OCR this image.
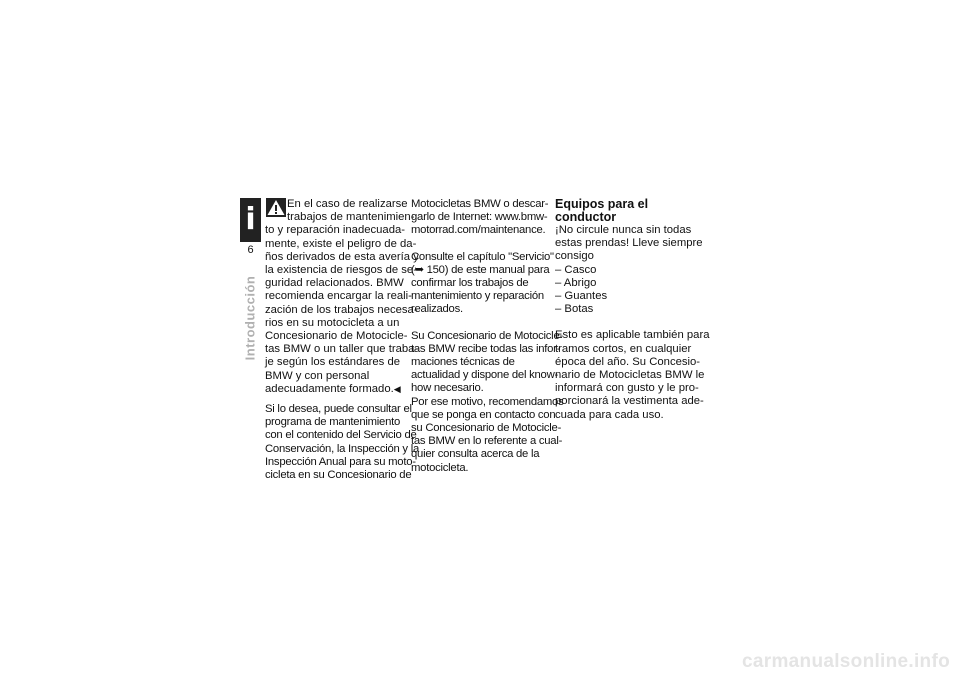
i
6
Introducción
En el caso de realizarse
trabajos de mantenimien-
to y reparación inadecuada-
mente, existe el peligro de da-
ños derivados de esta avería y
la existencia de riesgos de se-
guridad relacionados. BMW
recomienda encargar la reali-
zación de los trabajos necesa-
rios en su motocicleta a un
Concesionario de Motocicle-
tas BMW o un taller que traba-
je según los estándares de
BMW y con personal
adecuadamente formado.◀
Si lo desea, puede consultar el
programa de mantenimiento
con el contenido del Servicio de
Conservación, la Inspección y la
Inspección Anual para su moto-
cicleta en su Concesionario de
Motocicletas BMW o descar-
garlo de Internet: www.bmw-
motorrad.com/maintenance.
Consulte el capítulo "Servicio"
(➥ 150) de este manual para
confirmar los trabajos de
mantenimiento y reparación
realizados.
Su Concesionario de Motocicle-
tas BMW recibe todas las infor-
maciones técnicas de
actualidad y dispone del know-
how necesario.
Por ese motivo, recomendamos
que se ponga en contacto con
su Concesionario de Motocicle-
tas BMW en lo referente a cual-
quier consulta acerca de la
motocicleta.
Equipos para el
conductor
¡No circule nunca sin todas
estas prendas! Lleve siempre
consigo
– Casco
– Abrigo
– Guantes
– Botas
Esto es aplicable también para
tramos cortos, en cualquier
época del año. Su Concesio-
nario de Motocicletas BMW le
informará con gusto y le pro-
porcionará la vestimenta ade-
cuada para cada uso.
carmanualsonline.info
